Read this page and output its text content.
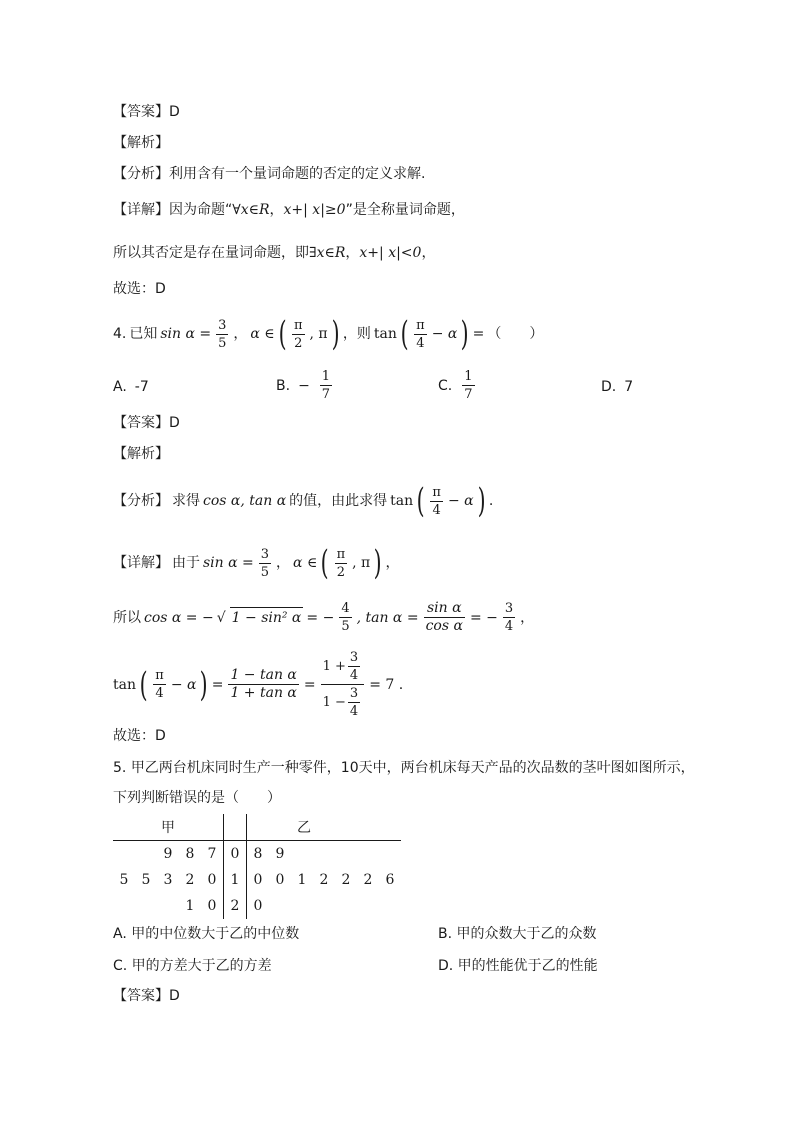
【答案】D
【解析】
【分析】利用含有一个量词命题的否定的定义求解.
【详解】因为命题“∀x∈R，x+| x|≥0”是全称量词命题，
所以其否定是存在量词命题，即∃x∈R，x+| x|<0，
故选：D
4. 已知 $\sin \alpha = \frac{3}{5}$ ， α ∈ ( $\frac{\pi}{2}$ , π ) ，则 tan ( $\frac{\pi}{4} - \alpha$ ) = （　　）
A. -7	B. − $\frac{1}{7}$	C. $\frac{1}{7}$	D. 7
【答案】D
【解析】
【分析】 求得 cos α, tan α 的值，由此求得 tan ( $\frac{\pi}{4} - \alpha$ ) .
【详解】 由于 $\sin \alpha = \frac{3}{5}$ ， α ∈ ( $\frac{\pi}{2}$ , π ) ，
所以 cos α = − √ 1 − sin² α = − $\frac{4}{5}$ , $\tan \alpha = \frac{\text{sin α}}{\text{cos α}}$ = − $\frac{3}{4}$ ，
tan ( $\frac{\pi}{4} - \alpha$ ) = $\frac{\text{1 − tan α}}{\text{1 + tan α}} = \frac{1 + \frac{3}{4}}{1 - \frac{3}{4}} = 7$ .
故选：D
5. 甲乙两台机床同时生产一种零件，10天中，两台机床每天产品的次品数的茎叶图如图所示，
下列判断错误的是（　　）
甲						乙						
		9	8	7	0	8	9					
5	5	3	2	0	1	0	0	1	2	2	2	6
			1	0	2	0						
A. 甲的中位数大于乙的中位数	B. 甲的众数大于乙的众数
C. 甲的方差大于乙的方差	D. 甲的性能优于乙的性能
【答案】D
